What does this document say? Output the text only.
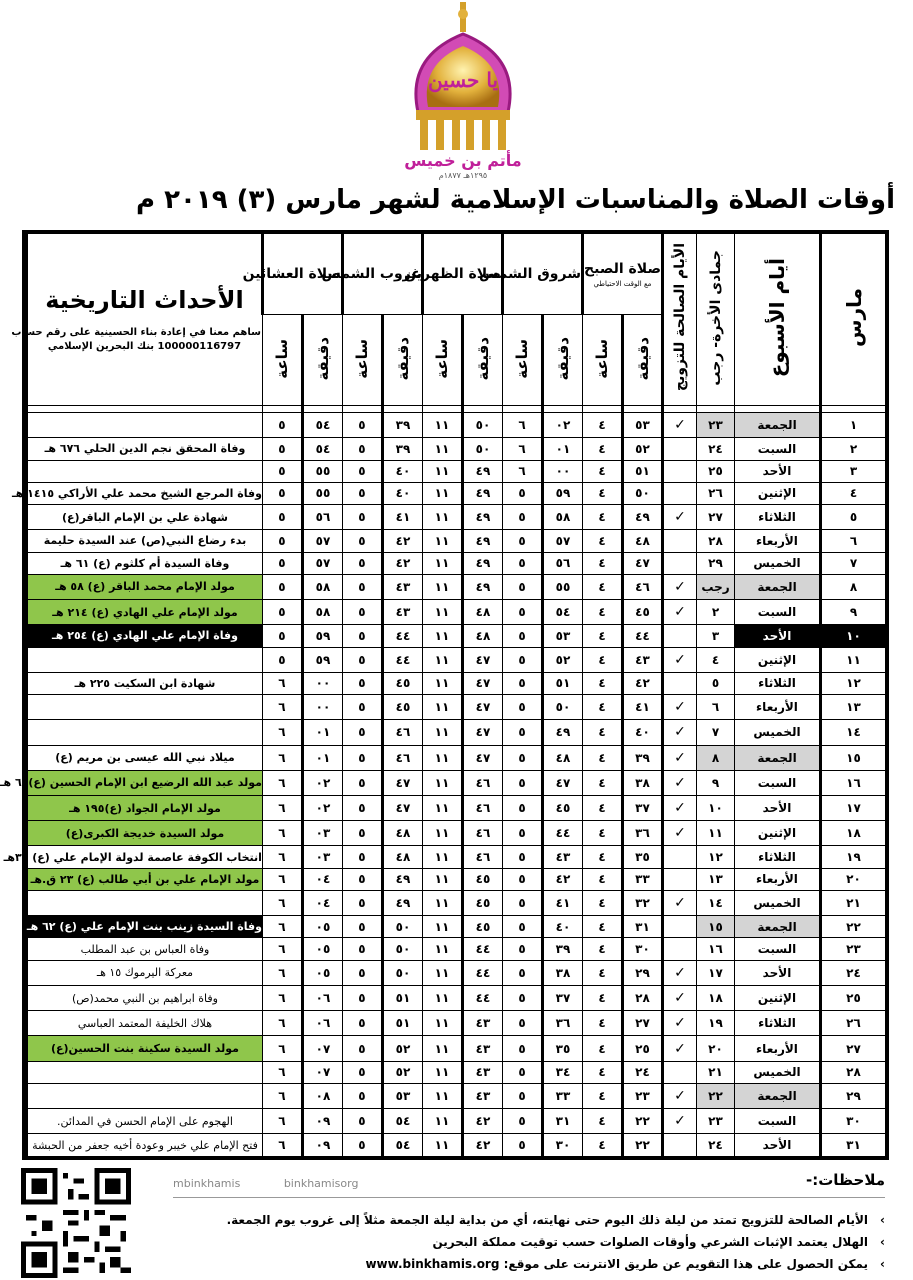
يا حسين
مأتم بن خميس
١٢٩٥هـ ١٨٧٧م
أوقات الصلاة والمناسبات الإسلامية لشهر مارس (٣) ٢٠١٩ م
مارس	أيام الأسبوع	جمادى الأخرة- رجب	الأيام الصالحة للتزويج	صلاة الصبح
مع الوقت الاحتياطي		شروق الشمس		صلاة الظهرين		غروب الشمس		صلاة العشائين		الأحداث التاريخية
ساهم معنا في إعادة بناء الحسينية على رقم حساب
100000116797 بنك البحرين الإسلامي

				دقيقة	ساعة	دقيقة	ساعة	دقيقة	ساعة	دقيقة	ساعة	دقيقة	ساعة	

١	الجمعة	٢٣	✓	٥٣	٤	٠٢	٦	٥٠	١١	٣٩	٥	٥٤	٥	
٢	السبت	٢٤		٥٢	٤	٠١	٦	٥٠	١١	٣٩	٥	٥٤	٥	وفاة المحقق نجم الدين الحلي ٦٧٦ هـ
٣	الأحد	٢٥		٥١	٤	٠٠	٦	٤٩	١١	٤٠	٥	٥٥	٥	
٤	الإثنين	٢٦		٥٠	٤	٥٩	٥	٤٩	١١	٤٠	٥	٥٥	٥	وفاة المرجع الشيخ محمد علي الأراكي ١٤١٥ هـ
٥	الثلاثاء	٢٧	✓	٤٩	٤	٥٨	٥	٤٩	١١	٤١	٥	٥٦	٥	شهادة علي بن الإمام الباقر(ع)
٦	الأربعاء	٢٨		٤٨	٤	٥٧	٥	٤٩	١١	٤٢	٥	٥٧	٥	بدء رضاع النبي(ص) عند السيدة حليمة
٧	الخميس	٢٩		٤٧	٤	٥٦	٥	٤٩	١١	٤٢	٥	٥٧	٥	وفاة السيدة أم كلثوم (ع) ٦١ هـ
٨	الجمعة	رجب	✓	٤٦	٤	٥٥	٥	٤٩	١١	٤٣	٥	٥٨	٥	مولد الإمام محمد الباقر (ع) ٥٨ هـ
٩	السبت	٢	✓	٤٥	٤	٥٤	٥	٤٨	١١	٤٣	٥	٥٨	٥	مولد الإمام علي الهادي (ع) ٢١٤ هـ
١٠	الأحد	٣		٤٤	٤	٥٣	٥	٤٨	١١	٤٤	٥	٥٩	٥	وفاة الإمام علي الهادي (ع) ٢٥٤ هـ
١١	الإثنين	٤	✓	٤٣	٤	٥٢	٥	٤٧	١١	٤٤	٥	٥٩	٥	
١٢	الثلاثاء	٥		٤٢	٤	٥١	٥	٤٧	١١	٤٥	٥	٠٠	٦	شهادة ابن السكيت ٢٢٥ هـ
١٣	الأربعاء	٦	✓	٤١	٤	٥٠	٥	٤٧	١١	٤٥	٥	٠٠	٦	
١٤	الخميس	٧	✓	٤٠	٤	٤٩	٥	٤٧	١١	٤٦	٥	٠١	٦	
١٥	الجمعة	٨	✓	٣٩	٤	٤٨	٥	٤٧	١١	٤٦	٥	٠١	٦	ميلاد نبي الله عيسى بن مريم (ع)
١٦	السبت	٩	✓	٣٨	٤	٤٧	٥	٤٦	١١	٤٧	٥	٠٢	٦	مولد عبد الله الرضيع ابن الإمام الحسين (ع)٦٠ هـ
١٧	الأحد	١٠	✓	٣٧	٤	٤٥	٥	٤٦	١١	٤٧	٥	٠٢	٦	مولد الإمام الجواد (ع)١٩٥ هـ
١٨	الإثنين	١١	✓	٣٦	٤	٤٤	٥	٤٦	١١	٤٨	٥	٠٣	٦	مولد السيدة خديجة الكبرى(ع)
١٩	الثلاثاء	١٢		٣٥	٤	٤٣	٥	٤٦	١١	٤٨	٥	٠٣	٦	انتخاب الكوفة عاصمة لدولة الإمام علي (ع) ٣٦هـ
٢٠	الأربعاء	١٣		٣٣	٤	٤٢	٥	٤٥	١١	٤٩	٥	٠٤	٦	مولد الإمام علي بن أبي طالب (ع) ٢٣ ق.هـ
٢١	الخميس	١٤	✓	٣٢	٤	٤١	٥	٤٥	١١	٤٩	٥	٠٤	٦	
٢٢	الجمعة	١٥		٣١	٤	٤٠	٥	٤٥	١١	٥٠	٥	٠٥	٦	وفاة السيدة زينب بنت الإمام علي (ع) ٦٢ هـ
٢٣	السبت	١٦		٣٠	٤	٣٩	٥	٤٤	١١	٥٠	٥	٠٥	٦	وفاة العباس بن عبد المطلب
٢٤	الأحد	١٧	✓	٢٩	٤	٣٨	٥	٤٤	١١	٥٠	٥	٠٥	٦	معركة اليرموك ١٥ هـ
٢٥	الإثنين	١٨	✓	٢٨	٤	٣٧	٥	٤٤	١١	٥١	٥	٠٦	٦	وفاة ابراهيم بن النبي محمد(ص)
٢٦	الثلاثاء	١٩	✓	٢٧	٤	٣٦	٥	٤٣	١١	٥١	٥	٠٦	٦	هلاك الخليفة المعتمد العباسي
٢٧	الأربعاء	٢٠	✓	٢٥	٤	٣٥	٥	٤٣	١١	٥٢	٥	٠٧	٦	مولد السيدة سكينة بنت الحسين(ع)
٢٨	الخميس	٢١		٢٤	٤	٣٤	٥	٤٣	١١	٥٢	٥	٠٧	٦	
٢٩	الجمعة	٢٢	✓	٢٣	٤	٣٣	٥	٤٣	١١	٥٣	٥	٠٨	٦	
٣٠	السبت	٢٣	✓	٢٢	٤	٣١	٥	٤٢	١١	٥٤	٥	٠٩	٦	الهجوم على الإمام الحسن في المدائن.
٣١	الأحد	٢٤		٢٢	٤	٣٠	٥	٤٢	١١	٥٤	٥	٠٩	٦	فتح الإمام علي خيبر وعودة أخيه جعفر من الحبشة
ملاحظات:-
mbinkhamis	binkhamisorg
› الأيام الصالحة للتزويج تمتد من ليلة ذلك اليوم حتى نهايته، أي من بداية ليلة الجمعة مثلاً إلى غروب يوم الجمعة.
› الهلال يعتمد الإثبات الشرعي وأوقات الصلوات حسب توقيت مملكة البحرين
› يمكن الحصول على هذا التقويم عن طريق الانترنت على موقع: www.binkhamis.org
